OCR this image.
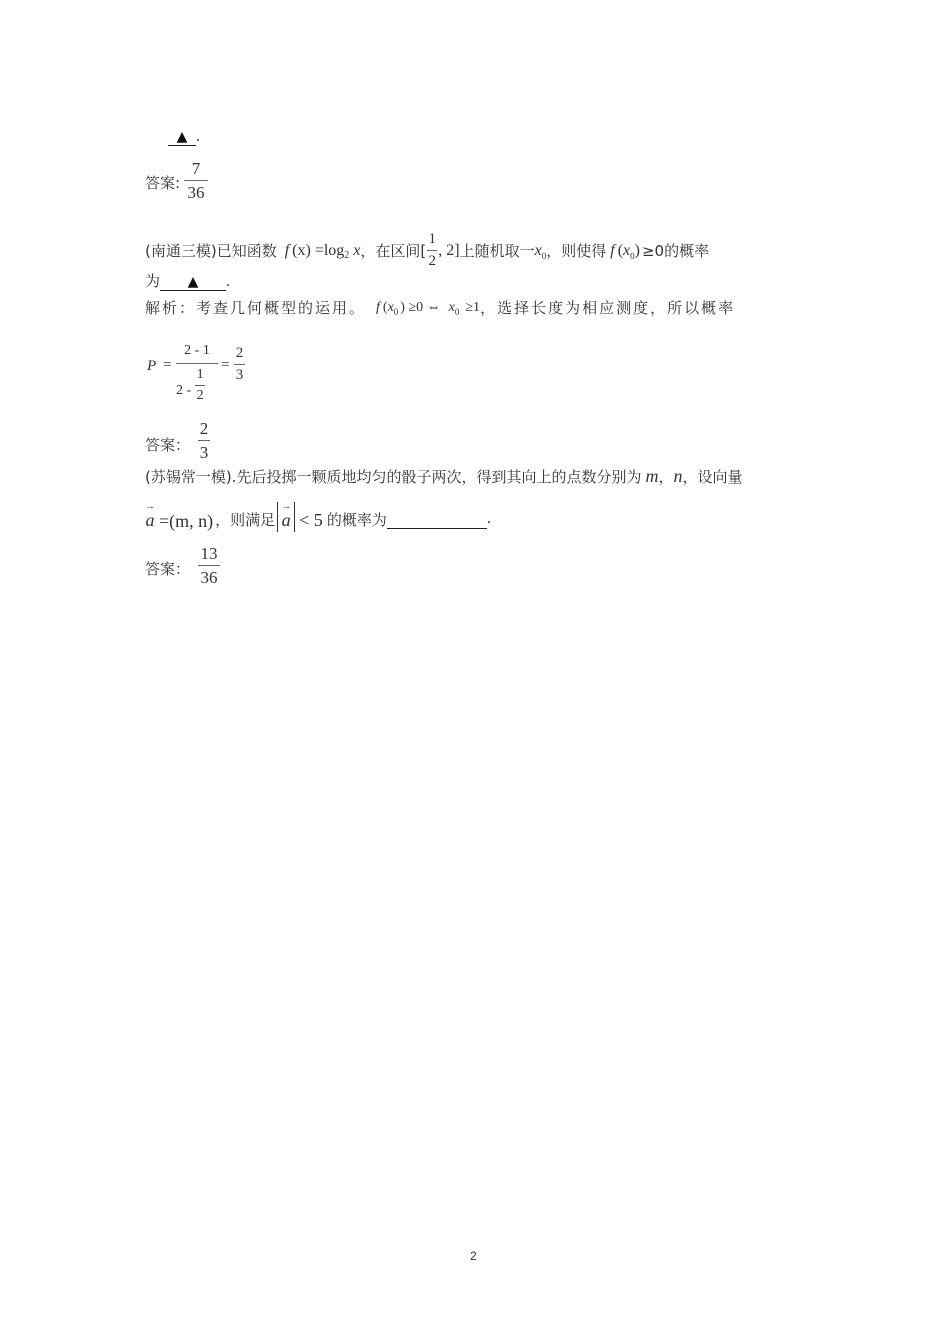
▲ .
答案:
7
36
(南通三模)已知函数 f $(x) =\log_2$ x ，在区间[
1
2
, 2] 上随机取一 $x_0$ ，则使得 f ( $x_0$ ) ≥0的概率
为 ▲ .
解析：考查几何概型的运用。 f ( $x_0$ ) ≥0 ⇔ $x_0 \ge 1$ ，选择长度为相应测度，所以概率
P =
2 - 1
2 -
1
2
=
2
3
答案：
2
3
(苏锡常一模).先后投掷一颗质地均匀的骰子两次，得到其向上的点数分别为 m ， n ，设向量
→
a =(m, n) ，则满足
→
a < 5 的概率为	.
答案：
13
36
2
